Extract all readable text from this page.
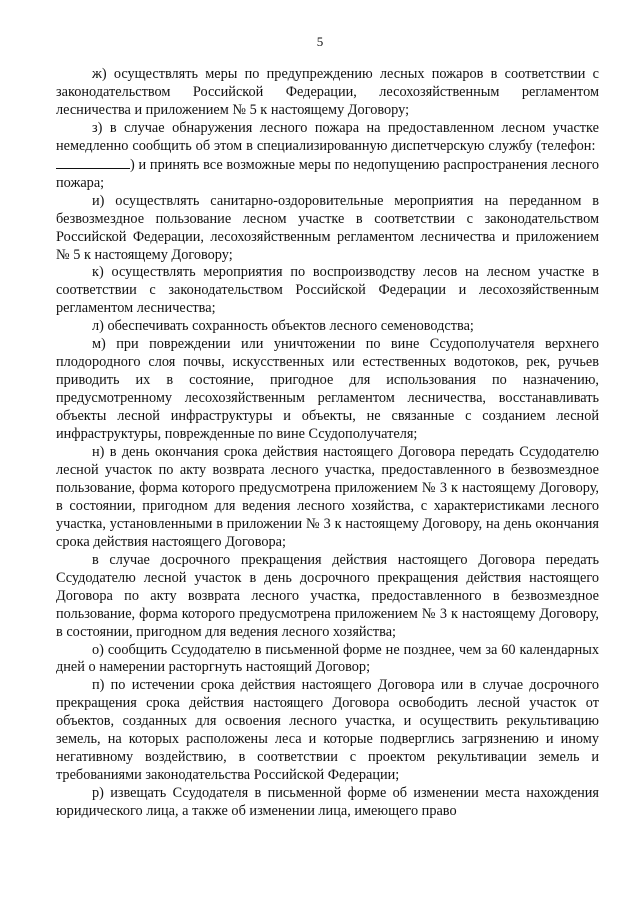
5

ж) осуществлять меры по предупреждению лесных пожаров в соответствии с законодательством Российской Федерации, лесохозяйственным регламентом лесничества и приложением № 5 к настоящему Договору;

з) в случае обнаружения лесного пожара на предоставленном лесном участке немедленно сообщить об этом в специализированную диспетчерскую службу (телефон: ) и принять все возможные меры по недопущению распространения лесного пожара;

и) осуществлять санитарно-оздоровительные мероприятия на переданном в безвозмездное пользование лесном участке в соответствии с законодательством Российской Федерации, лесохозяйственным регламентом лесничества и приложением № 5 к настоящему Договору;

к) осуществлять мероприятия по воспроизводству лесов на лесном участке в соответствии с законодательством Российской Федерации и лесохозяйственным регламентом лесничества;

л) обеспечивать сохранность объектов лесного семеноводства;

м) при повреждении или уничтожении по вине Ссудополучателя верхнего плодородного слоя почвы, искусственных или естественных водотоков, рек, ручьев приводить их в состояние, пригодное для использования по назначению, предусмотренному лесохозяйственным регламентом лесничества, восстанавливать объекты лесной инфраструктуры и объекты, не связанные с созданием лесной инфраструктуры, поврежденные по вине Ссудополучателя;

н) в день окончания срока действия настоящего Договора передать Ссудодателю лесной участок по акту возврата лесного участка, предоставленного в безвозмездное пользование, форма которого предусмотрена приложением № 3 к настоящему Договору, в состоянии, пригодном для ведения лесного хозяйства, с характеристиками лесного участка, установленными в приложении № 3 к настоящему Договору, на день окончания срока действия настоящего Договора;

в случае досрочного прекращения действия настоящего Договора передать Ссудодателю лесной участок в день досрочного прекращения действия настоящего Договора по акту возврата лесного участка, предоставленного в безвозмездное пользование, форма которого предусмотрена приложением № 3 к настоящему Договору, в состоянии, пригодном для ведения лесного хозяйства;

о) сообщить Ссудодателю в письменной форме не позднее, чем за 60 календарных дней о намерении расторгнуть настоящий Договор;

п) по истечении срока действия настоящего Договора или в случае досрочного прекращения срока действия настоящего Договора освободить лесной участок от объектов, созданных для освоения лесного участка, и осуществить рекультивацию земель, на которых расположены леса и которые подверглись загрязнению и иному негативному воздействию, в соответствии с проектом рекультивации земель и требованиями законодательства Российской Федерации;

р) извещать Ссудодателя в письменной форме об изменении места нахождения юридического лица, а также об изменении лица, имеющего право
